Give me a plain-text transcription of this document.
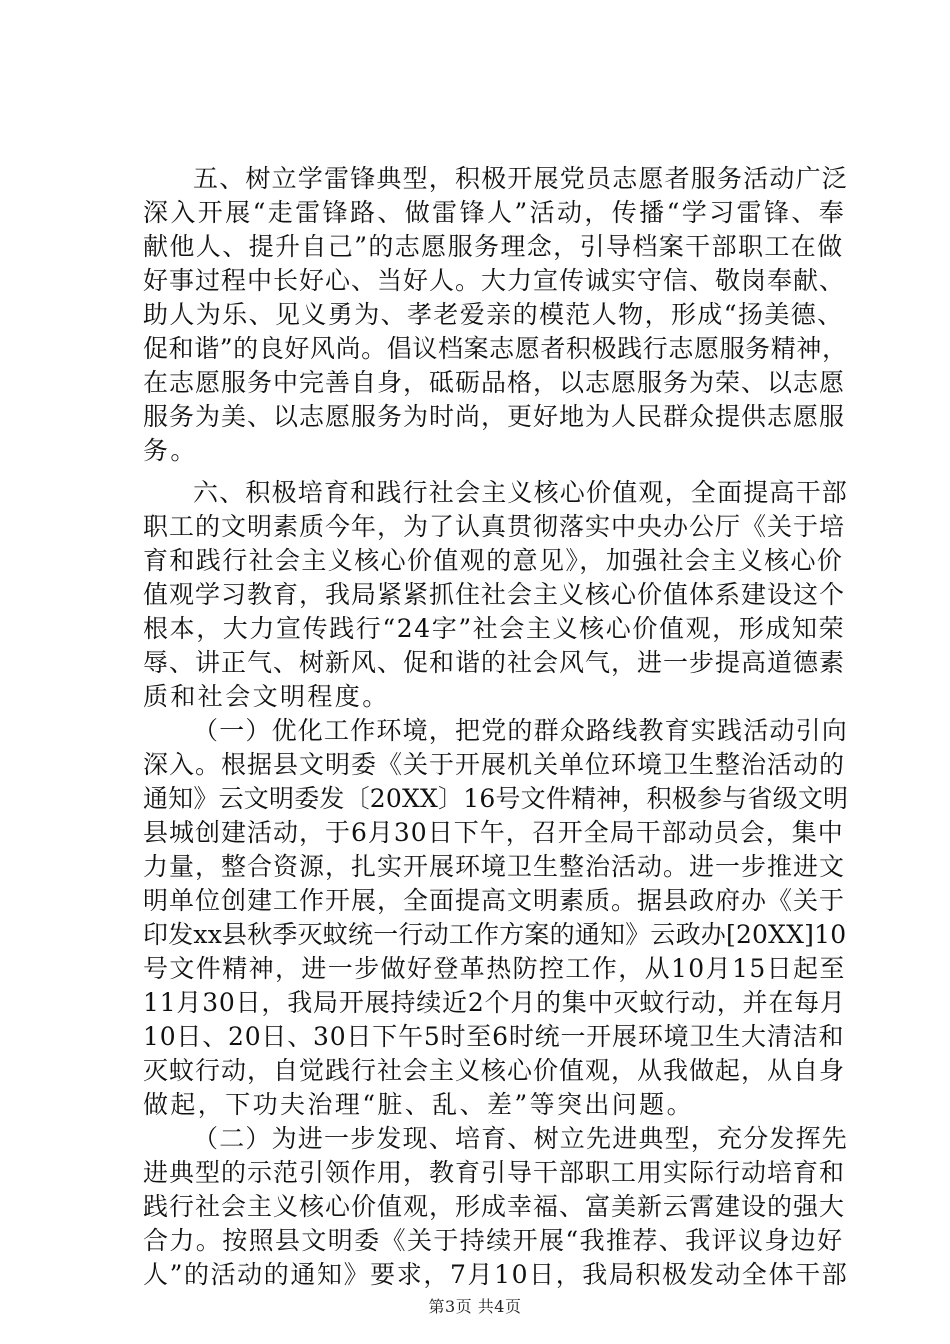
五、树立学雷锋典型，积极开展党员志愿者服务活动广泛
深入开展“走雷锋路、做雷锋人”活动，传播“学习雷锋、奉
献他人、提升自己”的志愿服务理念，引导档案干部职工在做
好事过程中长好心、当好人。大力宣传诚实守信、敬岗奉献、
助人为乐、见义勇为、孝老爱亲的模范人物，形成“扬美德、
促和谐”的良好风尚。倡议档案志愿者积极践行志愿服务精神，
在志愿服务中完善自身，砥砺品格，以志愿服务为荣、以志愿
服务为美、以志愿服务为时尚，更好地为人民群众提供志愿服
务。
六、积极培育和践行社会主义核心价值观，全面提高干部
职工的文明素质今年，为了认真贯彻落实中央办公厅《关于培
育和践行社会主义核心价值观的意见》，加强社会主义核心价
值观学习教育，我局紧紧抓住社会主义核心价值体系建设这个
根本，大力宣传践行“24字”社会主义核心价值观，形成知荣
辱、讲正气、树新风、促和谐的社会风气，进一步提高道德素
质和社会文明程度。
（一）优化工作环境，把党的群众路线教育实践活动引向
深入。根据县文明委《关于开展机关单位环境卫生整治活动的
通知》云文明委发〔20XX〕16号文件精神，积极参与省级文明
县城创建活动，于6月30日下午，召开全局干部动员会，集中
力量，整合资源，扎实开展环境卫生整治活动。进一步推进文
明单位创建工作开展，全面提高文明素质。据县政府办《关于
印发xx县秋季灭蚊统一行动工作方案的通知》云政办[20XX]10
号文件精神，进一步做好登革热防控工作，从10月15日起至
11月30日，我局开展持续近2个月的集中灭蚊行动，并在每月
10日、20日、30日下午5时至6时统一开展环境卫生大清洁和
灭蚊行动，自觉践行社会主义核心价值观，从我做起，从自身
做起，下功夫治理“脏、乱、差”等突出问题。
（二）为进一步发现、培育、树立先进典型，充分发挥先
进典型的示范引领作用，教育引导干部职工用实际行动培育和
践行社会主义核心价值观，形成幸福、富美新云霄建设的强大
合力。按照县文明委《关于持续开展“我推荐、我评议身边好
人”的活动的通知》要求，7月10日，我局积极发动全体干部
第3页 共4页
